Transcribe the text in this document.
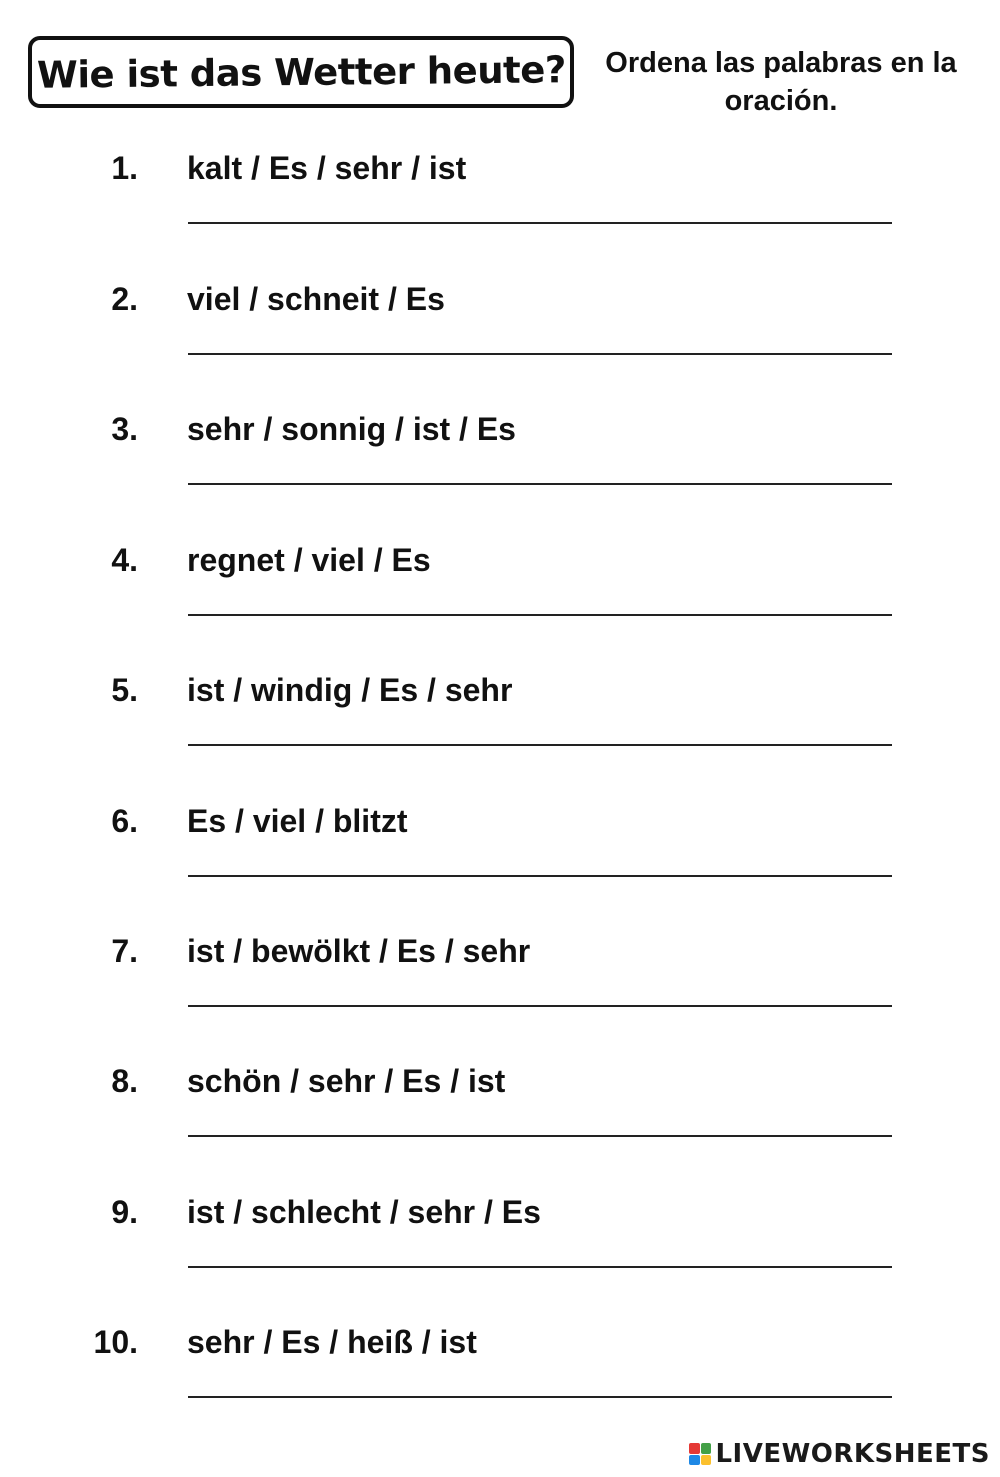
Wie ist das Wetter heute?	Ordena las palabras en la oración.
1. kalt / Es / sehr / ist
2. viel / schneit / Es
3. sehr / sonnig / ist / Es
4. regnet / viel / Es
5. ist / windig / Es / sehr
6. Es / viel / blitzt
7. ist / bewölkt / Es / sehr
8. schön / sehr / Es / ist
9. ist / schlecht / sehr / Es
10. sehr / Es / heiß / ist
LIVEWORKSHEETS
